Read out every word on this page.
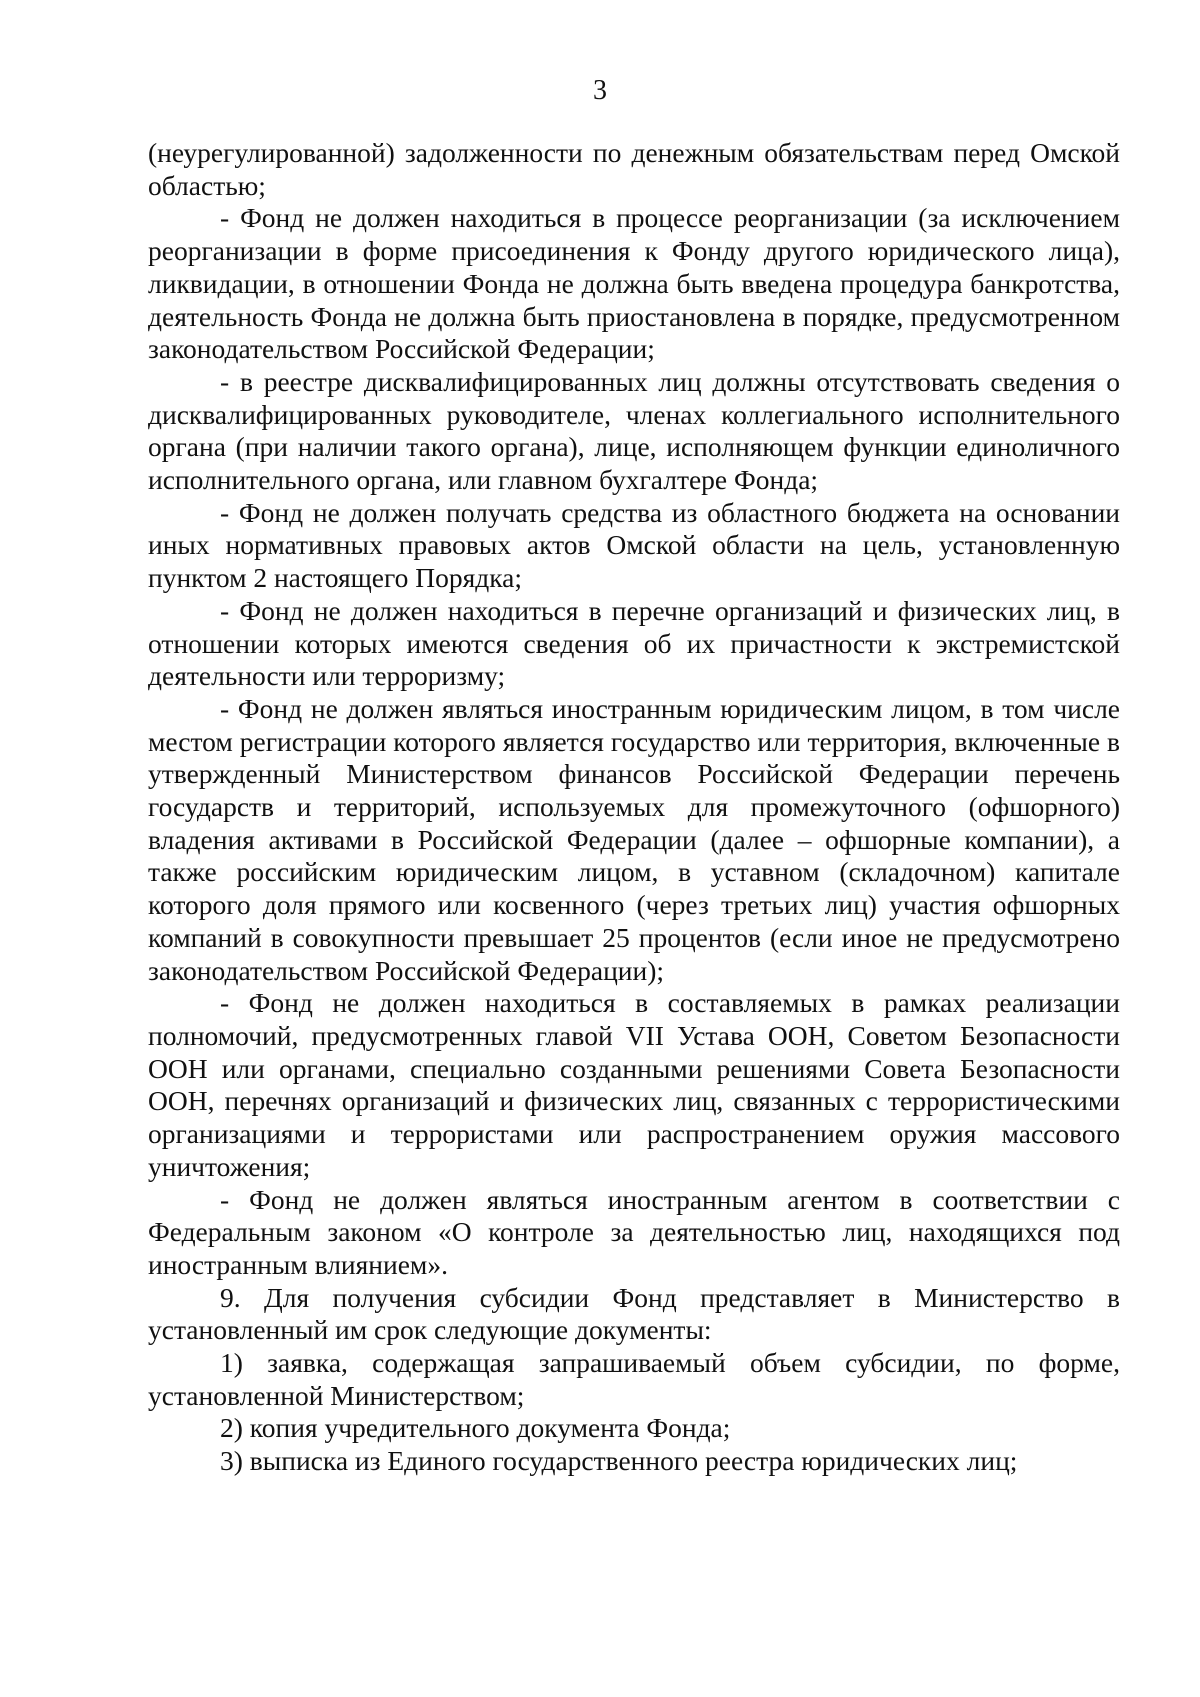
3

(неурегулированной) задолженности по денежным обязательствам перед Омской областью;

- Фонд не должен находиться в процессе реорганизации (за исключением реорганизации в форме присоединения к Фонду другого юридического лица), ликвидации, в отношении Фонда не должна быть введена процедура банкротства, деятельность Фонда не должна быть приостановлена в порядке, предусмотренном законодательством Российской Федерации;

- в реестре дисквалифицированных лиц должны отсутствовать сведения о дисквалифицированных руководителе, членах коллегиального исполнительного органа (при наличии такого органа), лице, исполняющем функции единоличного исполнительного органа, или главном бухгалтере Фонда;

- Фонд не должен получать средства из областного бюджета на основании иных нормативных правовых актов Омской области на цель, установленную пунктом 2 настоящего Порядка;

- Фонд не должен находиться в перечне организаций и физических лиц, в отношении которых имеются сведения об их причастности к экстремистской деятельности или терроризму;

- Фонд не должен являться иностранным юридическим лицом, в том числе местом регистрации которого является государство или территория, включенные в утвержденный Министерством финансов Российской Федерации перечень государств и территорий, используемых для промежуточного (офшорного) владения активами в Российской Федерации (далее – офшорные компании), а также российским юридическим лицом, в уставном (складочном) капитале которого доля прямого или косвенного (через третьих лиц) участия офшорных компаний в совокупности превышает 25 процентов (если иное не предусмотрено законодательством Российской Федерации);

- Фонд не должен находиться в составляемых в рамках реализации полномочий, предусмотренных главой VII Устава ООН, Советом Безопасности ООН или органами, специально созданными решениями Совета Безопасности ООН, перечнях организаций и физических лиц, связанных с террористическими организациями и террористами или распространением оружия массового уничтожения;

- Фонд не должен являться иностранным агентом в соответствии с Федеральным законом «О контроле за деятельностью лиц, находящихся под иностранным влиянием».

9. Для получения субсидии Фонд представляет в Министерство в установленный им срок следующие документы:

1) заявка, содержащая запрашиваемый объем субсидии, по форме, установленной Министерством;

2) копия учредительного документа Фонда;

3) выписка из Единого государственного реестра юридических лиц;
